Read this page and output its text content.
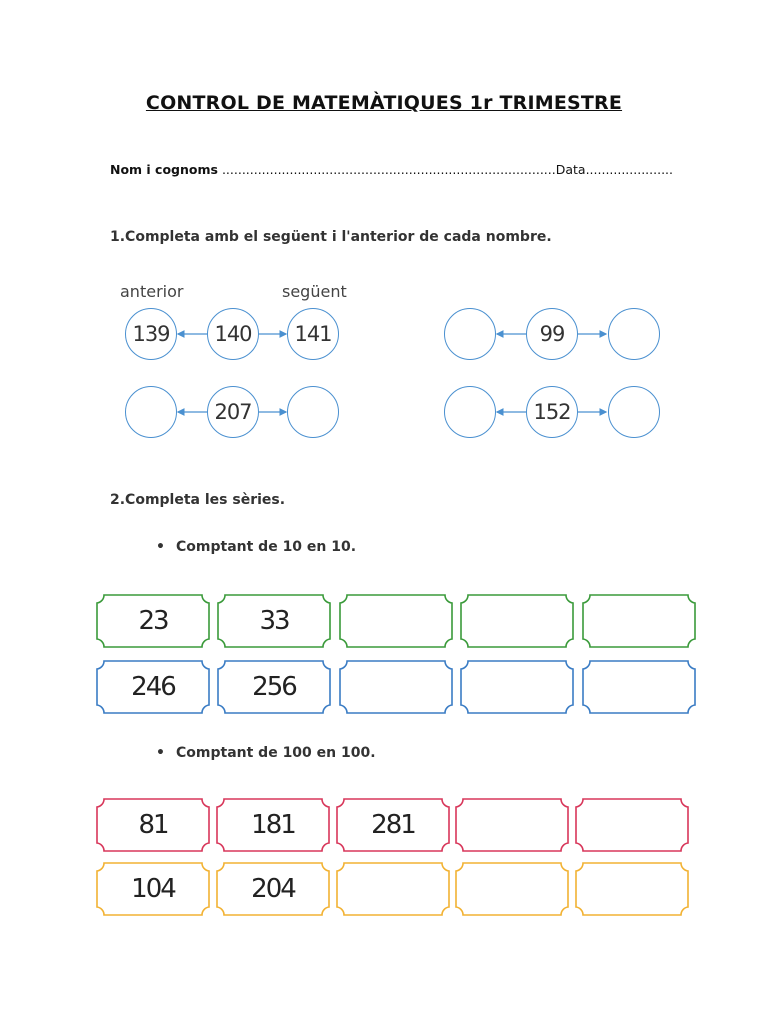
CONTROL DE MATEMÀTIQUES 1r TRIMESTRE
Nom i cognoms ....................................................................................Data......................
1.Completa amb el següent i l'anterior de cada nombre.
anterior	següent
139	140	141	99
207	152
2.Completa les sèries.
• Comptant de 10 en 10.
• Comptant de 100 en 100.
23	33
246	256
81	181	281
104	204
